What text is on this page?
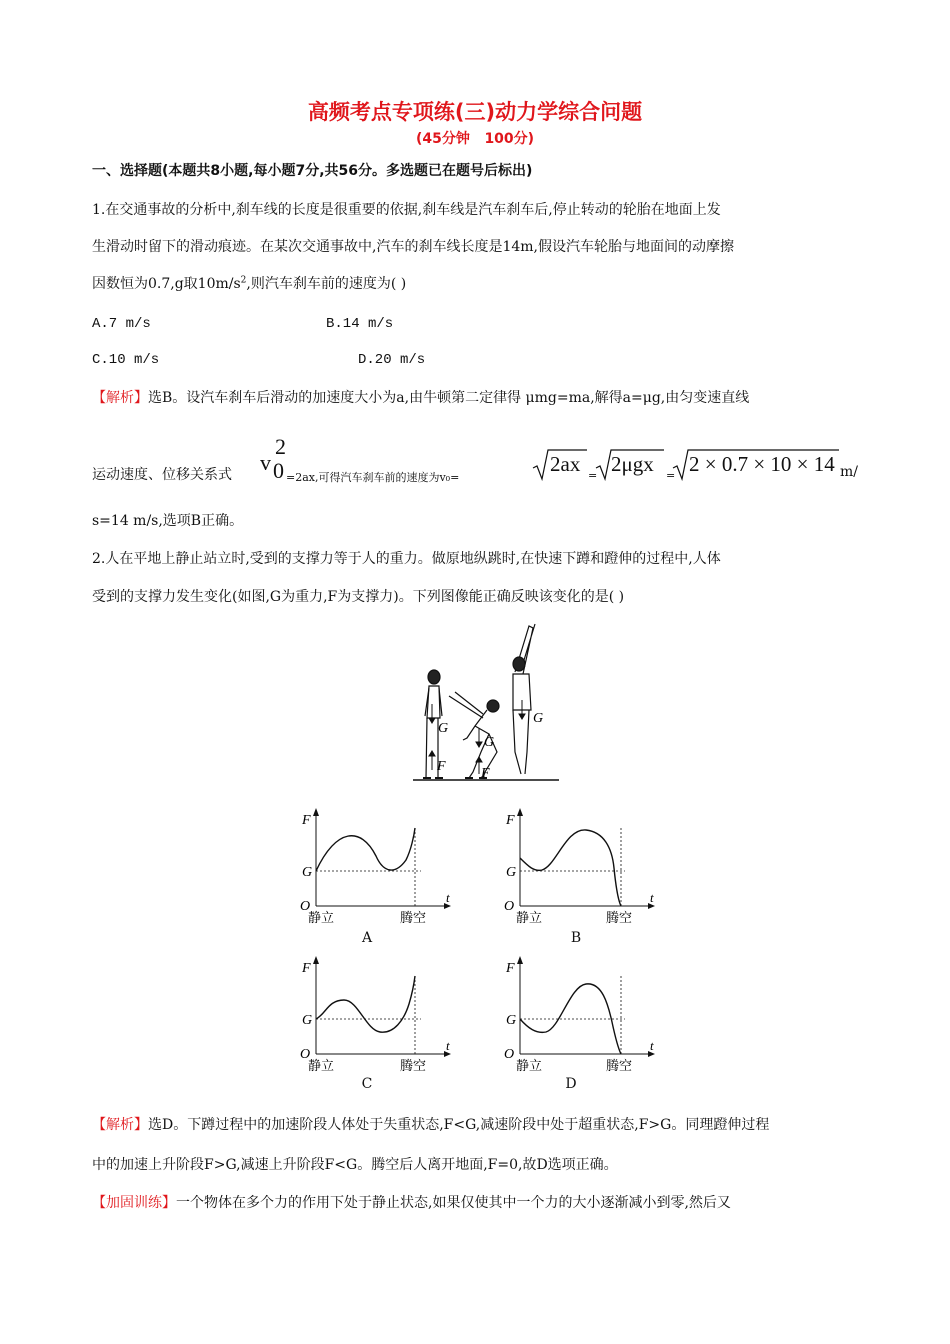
高频考点专项练(三)动力学综合问题
(45分钟   100分)
一、选择题(本题共8小题,每小题7分,共56分。多选题已在题号后标出)
1.在交通事故的分析中,刹车线的长度是很重要的依据,刹车线是汽车刹车后,停止转动的轮胎在地面上发
生滑动时留下的滑动痕迹。在某次交通事故中,汽车的刹车线长度是14m,假设汽车轮胎与地面间的动摩擦
因数恒为0.7,g取$10m/s^2$,则汽车刹车前的速度为( )
A.7 m/s	B.14 m/s
C.10 m/s	D.20 m/s
【解析】选B。设汽车刹车后滑动的加速度大小为a,由牛顿第二定律得 μmg=ma,解得a=μg,由匀变速直线
运动速度、位移关系式 v
2
0 =2ax,可得汽车刹车前的速度为v₀=
2ax = 2μgx = 2 × 0.7 × 10 × 14 m/
s=14 m/s,选项B正确。
2.人在平地上静止站立时,受到的支撑力等于人的重力。做原地纵跳时,在快速下蹲和蹬伸的过程中,人体
受到的支撑力发生变化(如图,G为重力,F为支撑力)。下列图像能正确反映该变化的是( )
G
F
G
F
G
F
G
O
t
静立	腾空
A
F
G
O
t
静立	腾空
B
F
G
O
t
静立	腾空
C
F
G
O
t
静立	腾空
D
【解析】选D。下蹲过程中的加速阶段人体处于失重状态,F<G,减速阶段中处于超重状态,F>G。同理蹬伸过程
中的加速上升阶段F>G,减速上升阶段F<G。腾空后人离开地面,F=0,故D选项正确。
【加固训练】一个物体在多个力的作用下处于静止状态,如果仅使其中一个力的大小逐渐减小到零,然后又
